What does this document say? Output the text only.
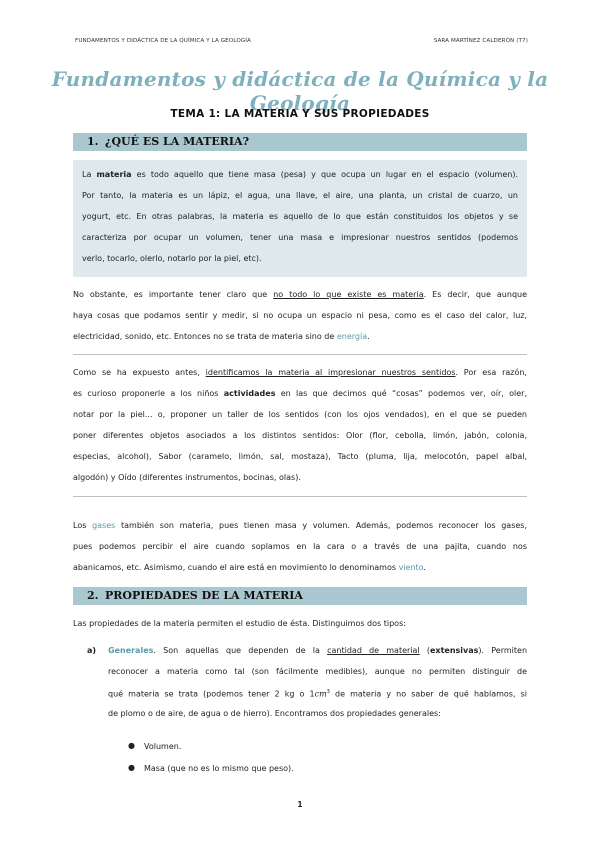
FUNDAMENTOS Y DIDÁCTICA DE LA QUÍMICA Y LA GEOLOGÍA	SARA MARTÍNEZ CALDERÓN (T7)
Fundamentos y didáctica de la Química y la Geología
TEMA 1: LA MATERIA Y SUS PROPIEDADES
1. ¿QUÉ ES LA MATERIA?
La materia es todo aquello que tiene masa (pesa) y que ocupa un lugar en el espacio (volumen).
Por tanto, la materia es un lápiz, el agua, una llave, el aire, una planta, un cristal de cuarzo, un
yogurt, etc. En otras palabras, la materia es aquello de lo que están constituidos los objetos y se
caracteriza por ocupar un volumen, tener una masa e impresionar nuestros sentidos (podemos
verlo, tocarlo, olerlo, notarlo por la piel, etc).
No obstante, es importante tener claro que no todo lo que existe es materia. Es decir, que aunque
haya cosas que podamos sentir y medir, si no ocupa un espacio ni pesa, como es el caso del calor, luz,
electricidad, sonido, etc. Entonces no se trata de materia sino de energía.
Como se ha expuesto antes, identificamos la materia al impresionar nuestros sentidos. Por esa razón,
es curioso proponerle a los niños actividades en las que decimos qué “cosas” podemos ver, oír, oler,
notar por la piel... o, proponer un taller de los sentidos (con los ojos vendados), en el que se pueden
poner diferentes objetos asociados a los distintos sentidos: Olor (flor, cebolla, limón, jabón, colonia,
especias, alcohol), Sabor (caramelo, limón, sal, mostaza), Tacto (pluma, lija, melocotón, papel albal,
algodón) y Oído (diferentes instrumentos, bocinas, olas).
Los gases también son materia, pues tienen masa y volumen. Además, podemos reconocer los gases,
pues podemos percibir el aire cuando soplamos en la cara o a través de una pajita, cuando nos
abanicamos, etc. Asimismo, cuando el aire está en movimiento lo denominamos viento.
2. PROPIEDADES DE LA MATERIA
Las propiedades de la materia permiten el estudio de ésta. Distinguimos dos tipos:
a) Generales. Son aquellas que dependen de la cantidad de material (extensivas). Permiten
reconocer a materia como tal (son fácilmente medibles), aunque no permiten distinguir de
qué materia se trata (podemos tener 2 kg o $1cm^3$ de materia y no saber de qué hablamos, si
de plomo o de aire, de agua o de hierro). Encontramos dos propiedades generales:
● Volumen.
● Masa (que no es lo mismo que peso).
1
